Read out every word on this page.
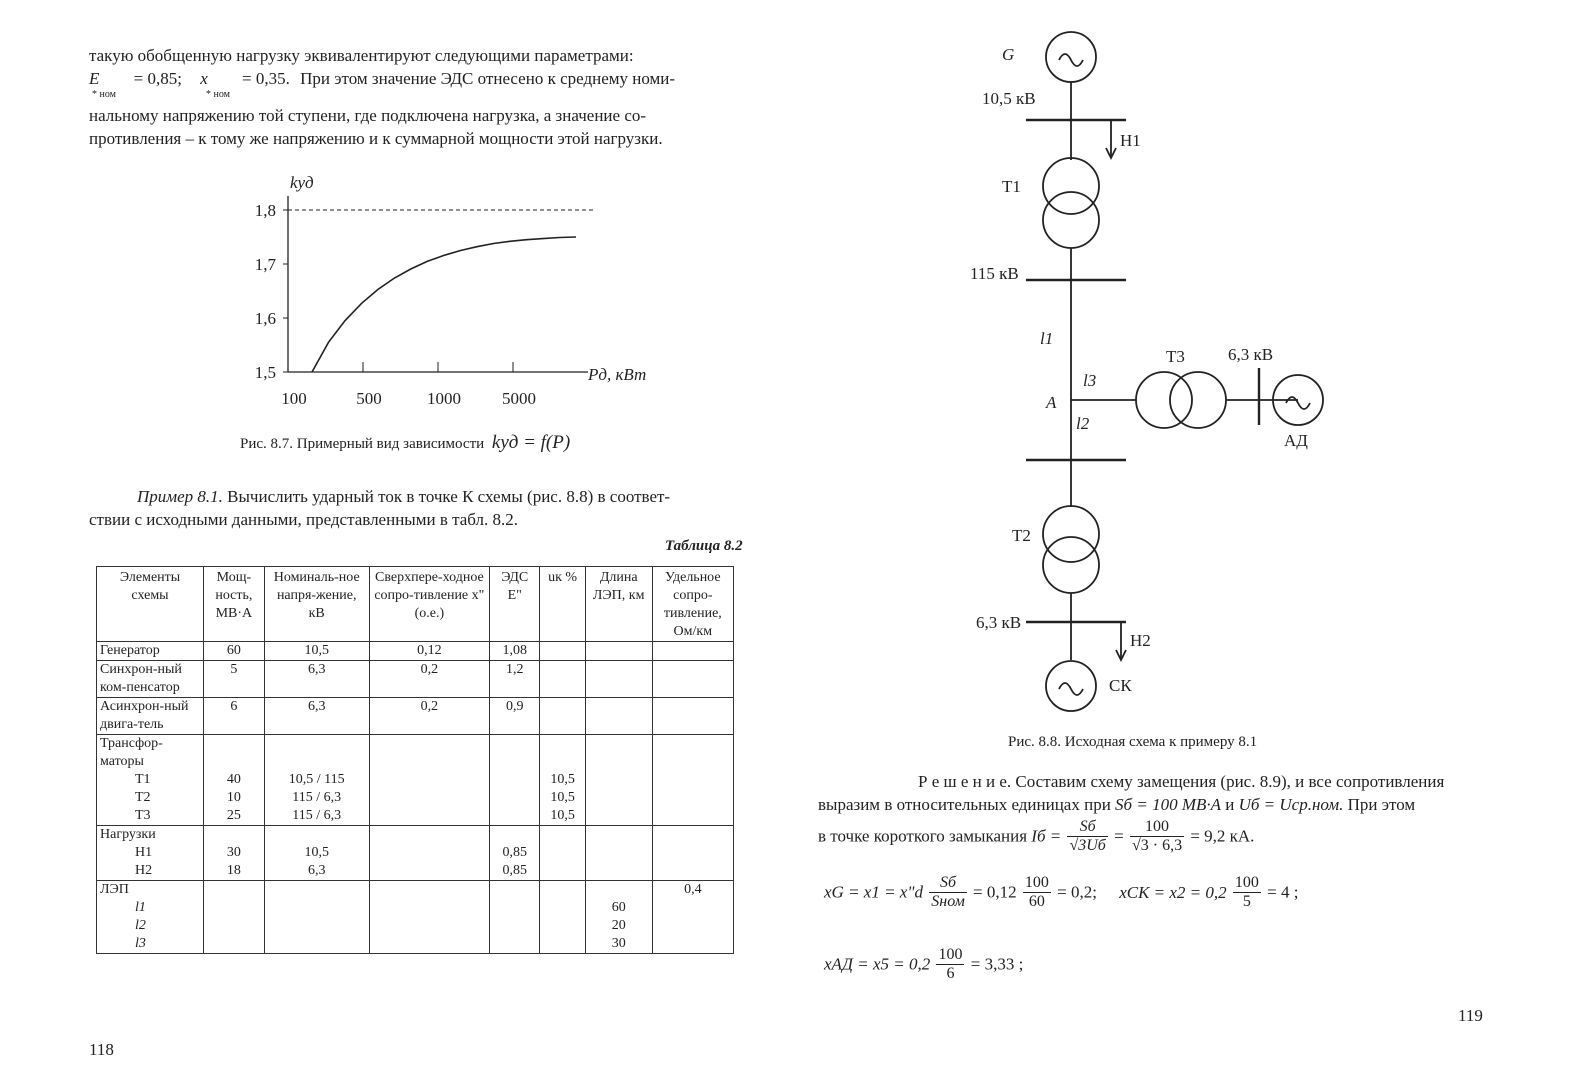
такую обобщенную нагрузку эквивалентируют следующими параметрами:
E = 0,85; x = 0,35. При этом значение ЭДС отнесено к среднему номи-
* ном	* ном
нальному напряжению той ступени, где подключена нагрузка, а значение со-
противления – к тому же напряжению и к суммарной мощности этой нагрузки.
1,5
1,6
1,7
1,8
100	500	1000 5000
kуд
Pд, кВт
Рис. 8.7. Примерный вид зависимости kуд = f(P)
Пример 8.1. Вычислить ударный ток в точке К схемы (рис. 8.8) в соответ-
ствии с исходными данными, представленными в табл. 8.2.
Таблица 8.2
Элементы схемы	Мощ-ность, МВ·А	Номиналь-ное напря-жение, кВ	Сверхпере-ходное сопро-тивление x"(о.е.)	ЭДС E"	uк %	Длина ЛЭП, км	Удельное сопро-тивление, Ом/км
Генератор	60	10,5	0,12	1,08			
Синхрон-ный ком-пенсатор	5	6,3	0,2	1,2			
Асинхрон-ный двига-тель	6	6,3	0,2	0,9			
Трансфор-маторы							
Т1	40	10,5 / 115			10,5		
Т2	10	115 / 6,3			10,5		
Т3	25	115 / 6,3			10,5		
Нагрузки							
Н1	30	10,5		0,85			
Н2	18	6,3		0,85			
ЛЭП							0,4
l1						60	
l2						20	
l3						30	
118
G
10,5 кВ
Н1
Т1
115 кВ
l1
l3
A
l2
Т3	6,3 кВ
АД
Т2
6,3 кВ
Н2
СК
Рис. 8.8. Исходная схема к примеру 8.1
Р е ш е н и е. Составим схему замещения (рис. 8.9), и все сопротивления
выразим в относительных единицах при Sб = 100 МВ·А и Uб = Uср.ном. При этом
в точке короткого замыкания Iб = $\frac{Sб}{√3Uб} = \frac{100}{√3 \cdot 6,3} = 9,2$ кА.
xG = x1 = x"d $\frac{Sб}{\text{Sном}} = 0,12 \frac{100}{60} = 0,2$; xСК = $x2 = 0,2 \frac{100}{5} = 4$ ;
xАД = $x5 = 0,2 \frac{100}{6} = 3,33$ ;
119
